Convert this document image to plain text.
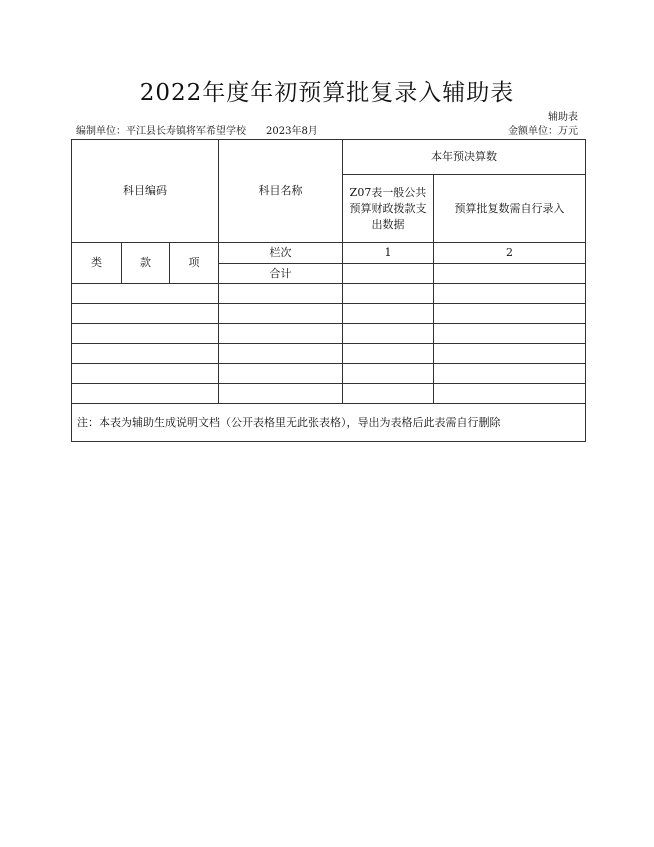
2022年度年初预算批复录入辅助表
辅助表
编制单位：平江县长寿镇将军希望学校 2023年8月	金额单位：万元
科目编码			科目名称	本年预决算数	
				Z07表一般公共预算财政拨款支出数据	预算批复数需自行录入
类	款	项	栏次	1	2
			合计		

注：本表为辅助生成说明文档（公开表格里无此张表格），导出为表格后此表需自行删除					
